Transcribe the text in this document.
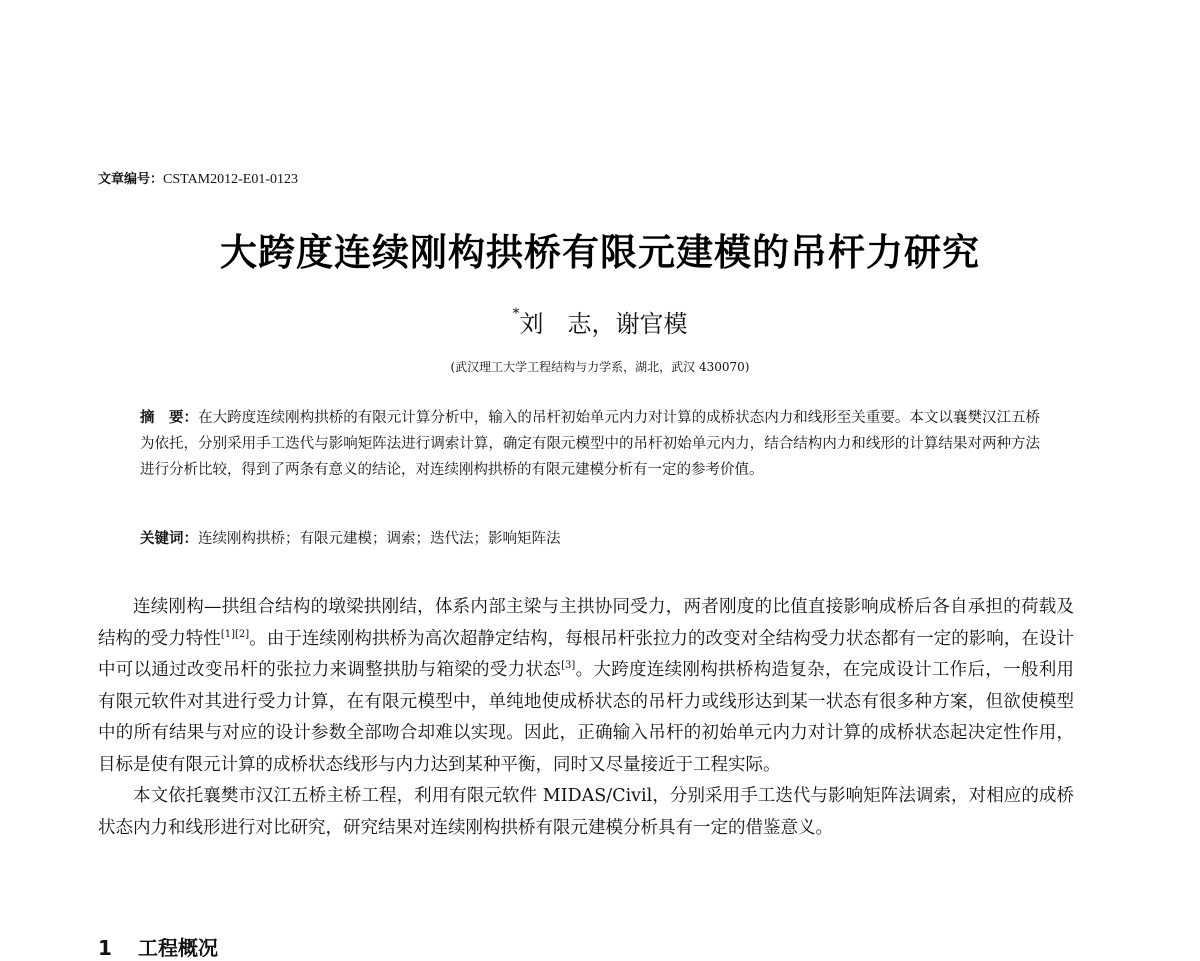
文章编号：CSTAM2012-E01-0123
大跨度连续刚构拱桥有限元建模的吊杆力研究
*刘　志，谢官模
(武汉理工大学工程结构与力学系，湖北，武汉 430070)
摘　要：在大跨度连续刚构拱桥的有限元计算分析中，输入的吊杆初始单元内力对计算的成桥状态内力和线形至关重要。本文以襄樊汉江五桥为依托，分别采用手工迭代与影响矩阵法进行调索计算，确定有限元模型中的吊杆初始单元内力，结合结构内力和线形的计算结果对两种方法进行分析比较，得到了两条有意义的结论，对连续刚构拱桥的有限元建模分析有一定的参考价值。
关键词：连续刚构拱桥；有限元建模；调索；迭代法；影响矩阵法

连续刚构—拱组合结构的墩梁拱刚结，体系内部主梁与主拱协同受力，两者刚度的比值直接影响成桥后各自承担的荷载及结构的受力特性[1][2]。由于连续刚构拱桥为高次超静定结构，每根吊杆张拉力的改变对全结构受力状态都有一定的影响，在设计中可以通过改变吊杆的张拉力来调整拱肋与箱梁的受力状态[3]。大跨度连续刚构拱桥构造复杂，在完成设计工作后，一般利用有限元软件对其进行受力计算，在有限元模型中，单纯地使成桥状态的吊杆力或线形达到某一状态有很多种方案，但欲使模型中的所有结果与对应的设计参数全部吻合却难以实现。因此，正确输入吊杆的初始单元内力对计算的成桥状态起决定性作用，目标是使有限元计算的成桥状态线形与内力达到某种平衡，同时又尽量接近于工程实际。

本文依托襄樊市汉江五桥主桥工程，利用有限元软件 MIDAS/Civil，分别采用手工迭代与影响矩阵法调索，对相应的成桥状态内力和线形进行对比研究，研究结果对连续刚构拱桥有限元建模分析具有一定的借鉴意义。

1 工程概况
